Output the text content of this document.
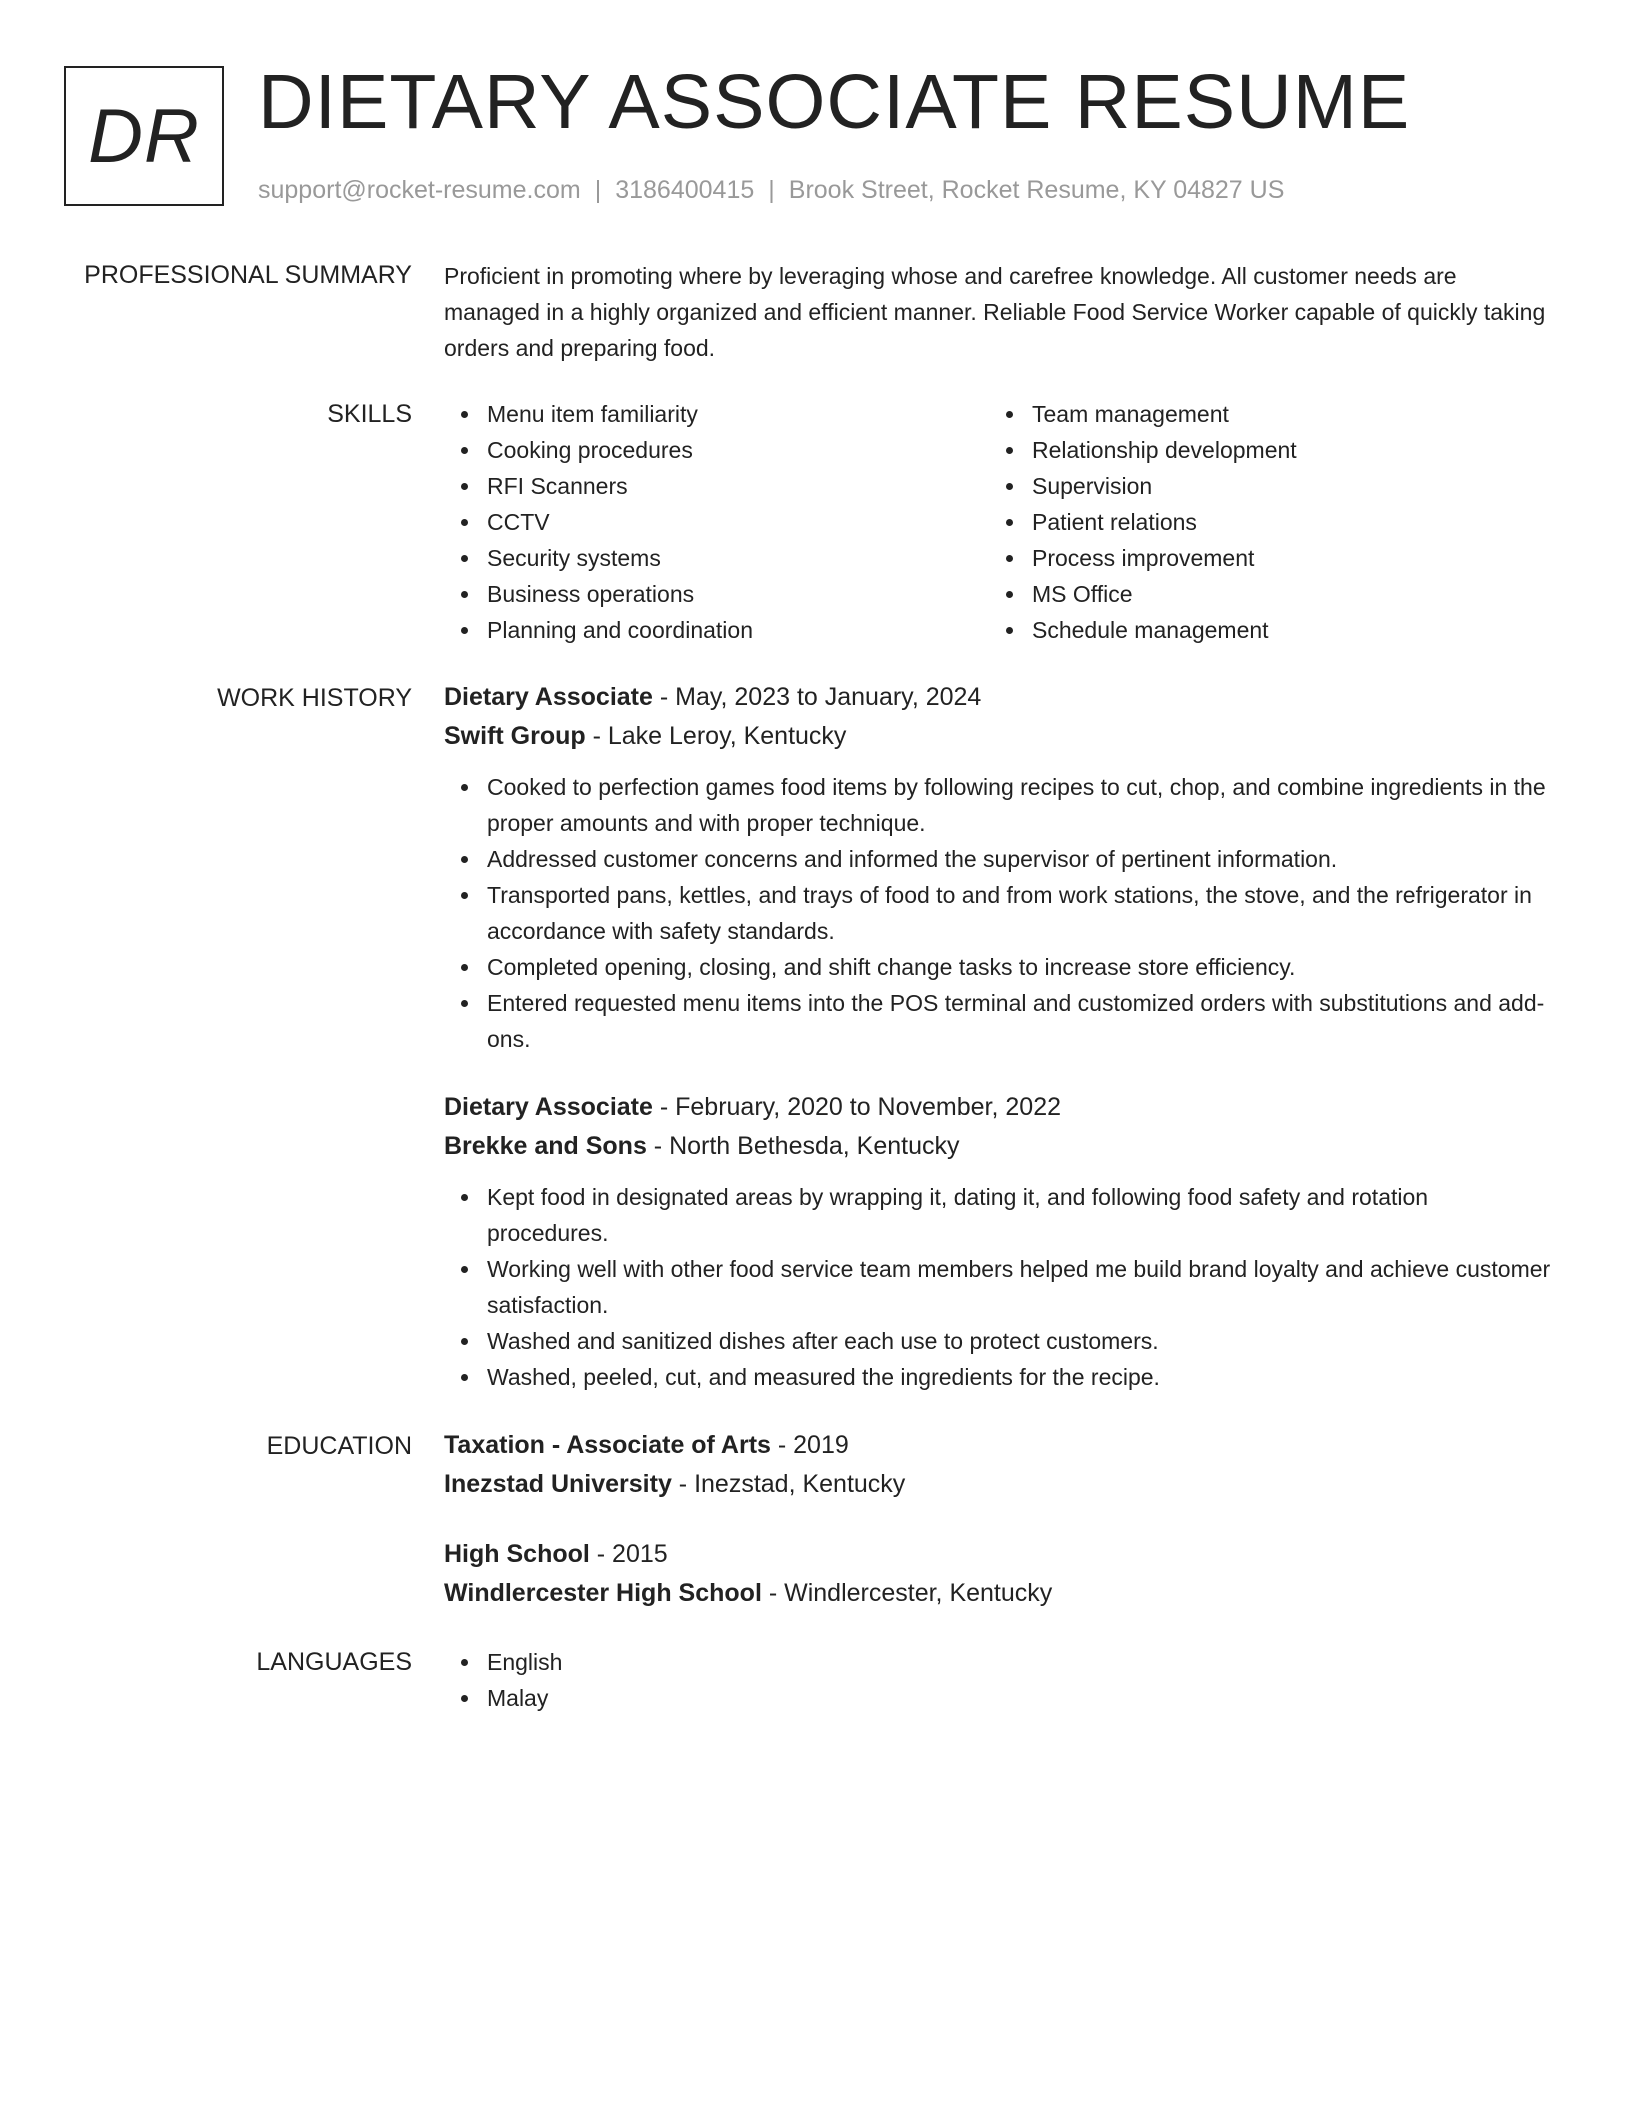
DR DIETARY ASSOCIATE RESUME
support@rocket-resume.com | 3186400415 | Brook Street, Rocket Resume, KY 04827 US
PROFESSIONAL SUMMARY Proficient in promoting where by leveraging whose and carefree knowledge. All customer needs are managed in a highly organized and efficient manner. Reliable Food Service Worker capable of quickly taking orders and preparing food.

SKILLS	Menu item familiarity
Cooking procedures
RFI Scanners
CCTV
Security systems
Business operations
Planning and coordination
Team management
Relationship development
Supervision
Patient relations
Process improvement
MS Office
Schedule management
WORK HISTORY Dietary Associate - May, 2023 to January, 2024
Swift Group - Lake Leroy, Kentucky
Cooked to perfection games food items by following recipes to cut, chop, and combine ingredients in the proper amounts and with proper technique.
Addressed customer concerns and informed the supervisor of pertinent information.
Transported pans, kettles, and trays of food to and from work stations, the stove, and the refrigerator in accordance with safety standards.
Completed opening, closing, and shift change tasks to increase store efficiency.
Entered requested menu items into the POS terminal and customized orders with substitutions and add-ons.
Dietary Associate - February, 2020 to November, 2022
Brekke and Sons - North Bethesda, Kentucky
Kept food in designated areas by wrapping it, dating it, and following food safety and rotation procedures.
Working well with other food service team members helped me build brand loyalty and achieve customer satisfaction.
Washed and sanitized dishes after each use to protect customers.
Washed, peeled, cut, and measured the ingredients for the recipe.
EDUCATION Taxation - Associate of Arts - 2019
Inezstad University - Inezstad, Kentucky
High School - 2015
Windlercester High School - Windlercester, Kentucky
LANGUAGES	English
Malay
